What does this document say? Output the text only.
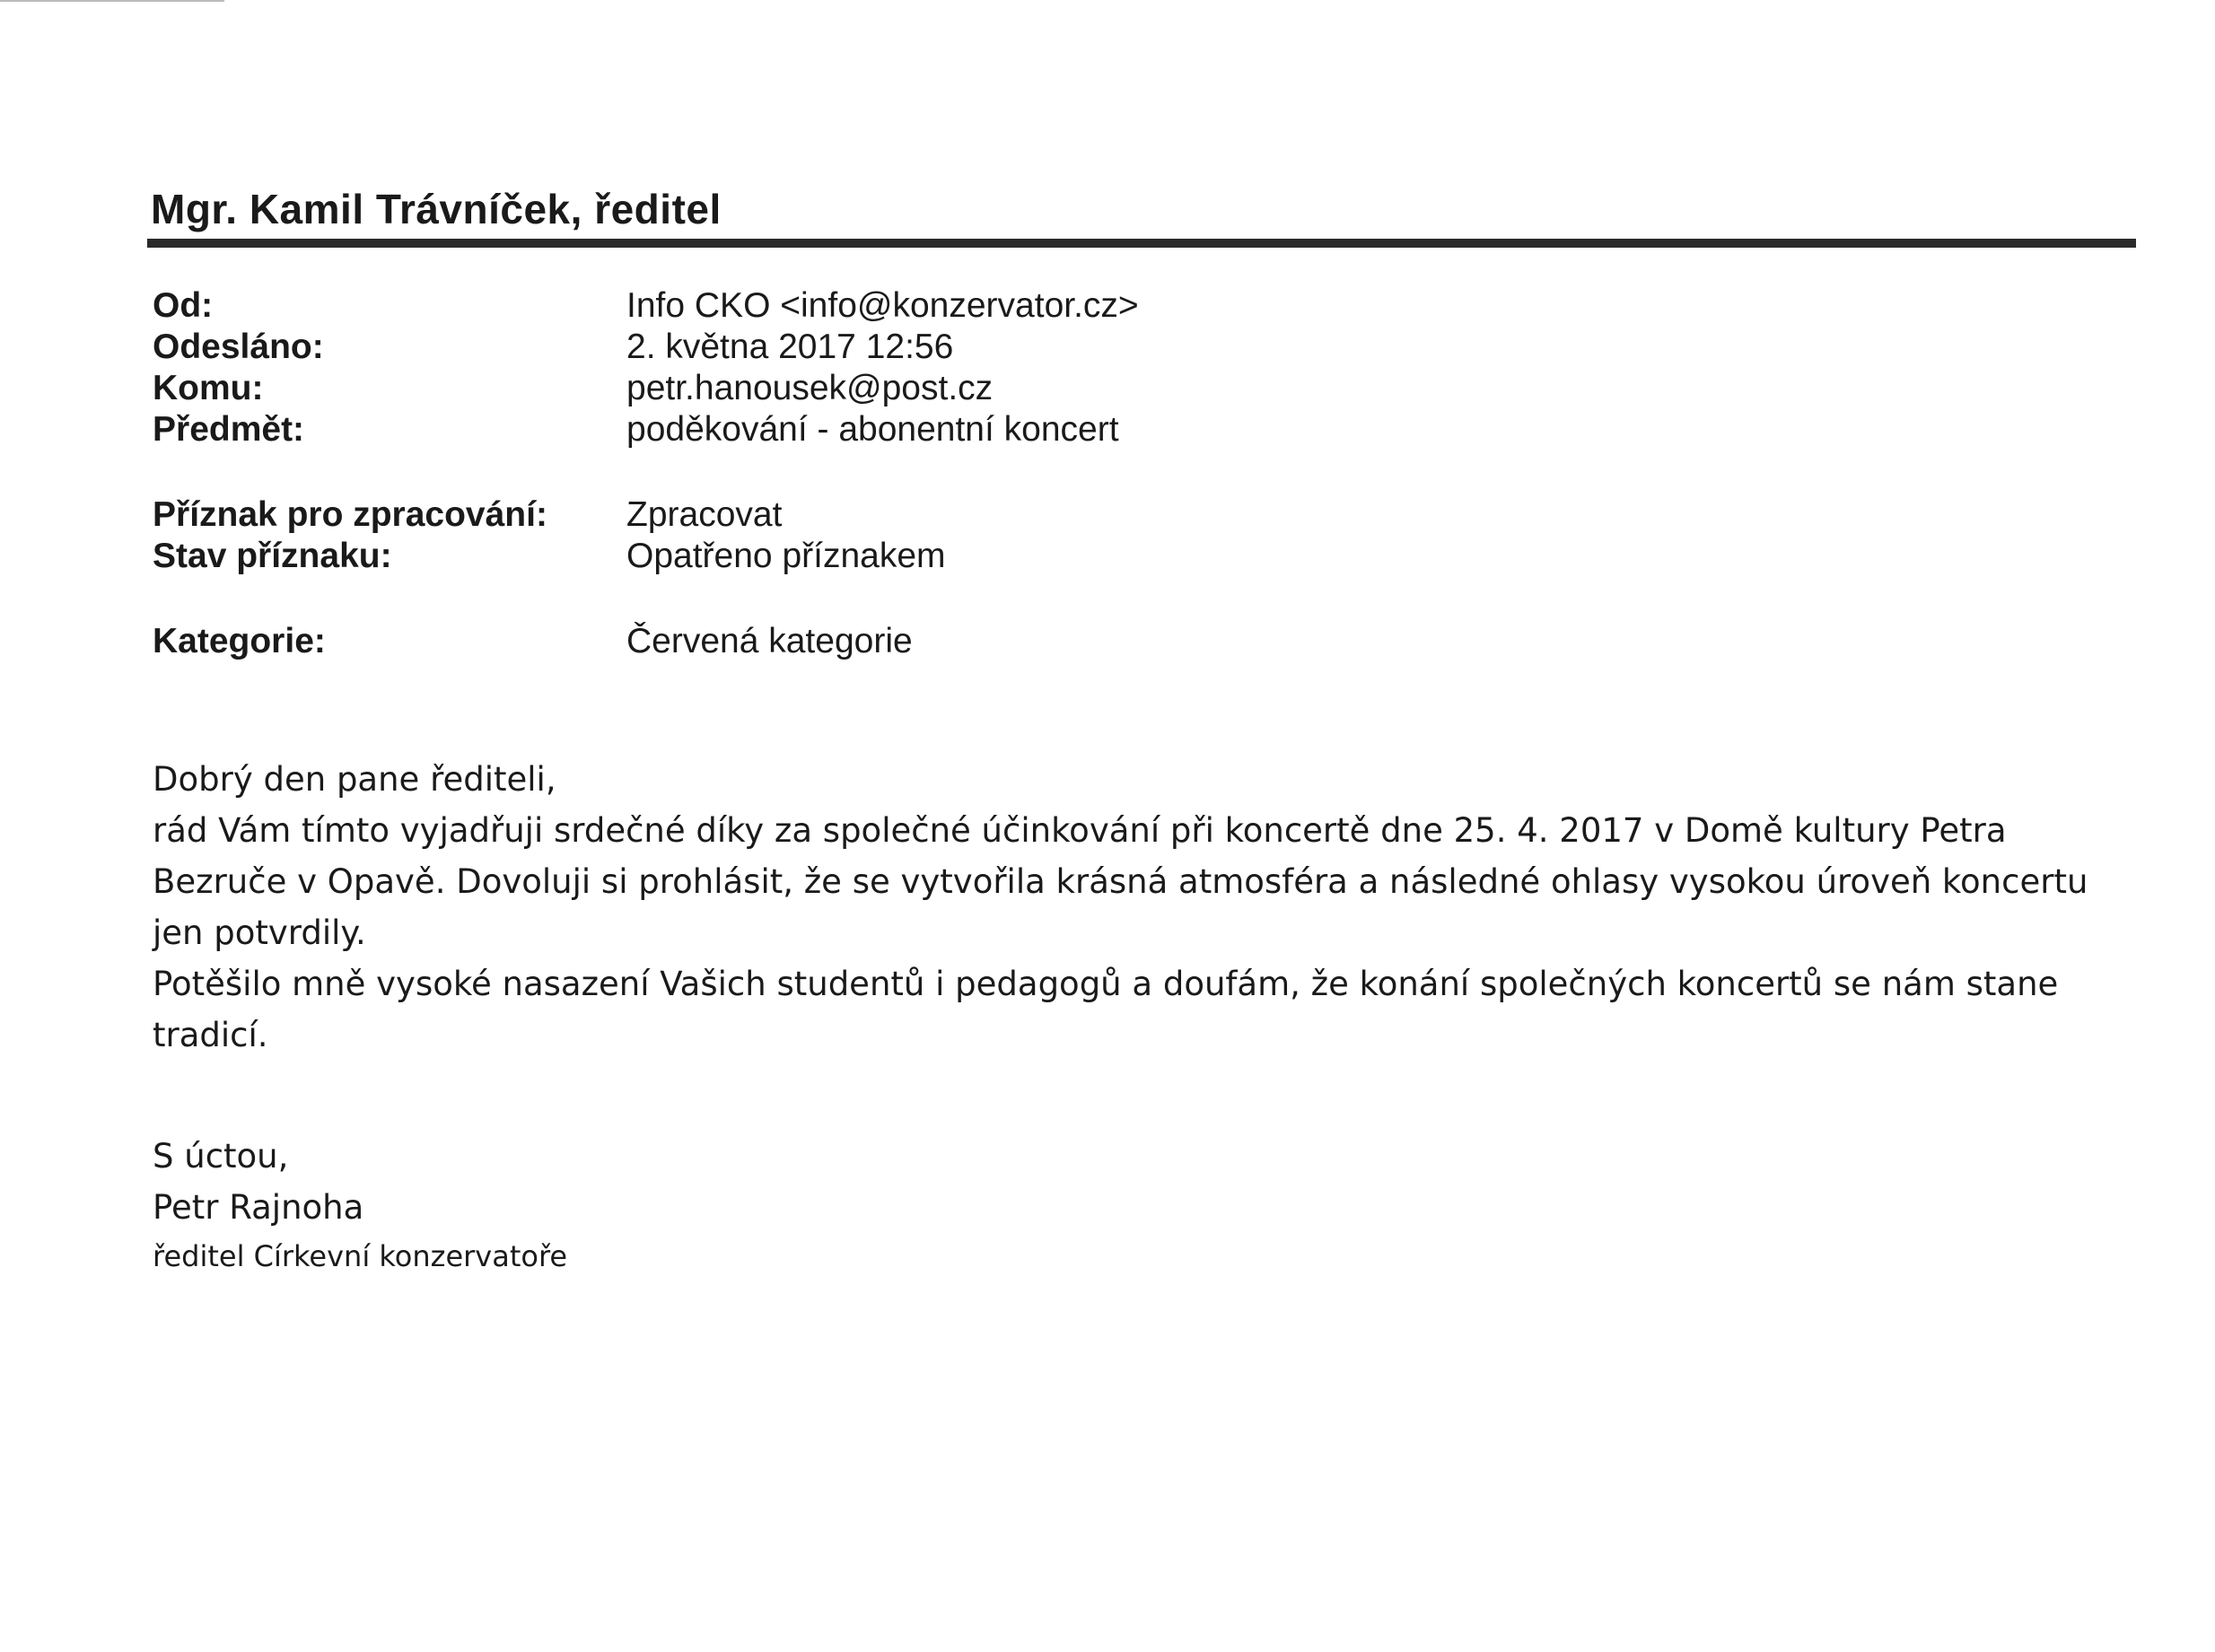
Mgr. Kamil Trávníček, ředitel
Od:	Info CKO <info@konzervator.cz>
Odesláno:	2. května 2017 12:56
Komu:	petr.hanousek@post.cz
Předmět:	poděkování - abonentní koncert
Příznak pro zpracování: Zpracovat
Stav příznaku:	Opatřeno příznakem
Kategorie:	Červená kategorie
Dobrý den pane řediteli,
rád Vám tímto vyjadřuji srdečné díky za společné účinkování při koncertě dne 25. 4. 2017 v Domě kultury Petra
Bezruče v Opavě. Dovoluji si prohlásit, že se vytvořila krásná atmosféra a následné ohlasy vysokou úroveň koncertu
jen potvrdily.
Potěšilo mně vysoké nasazení Vašich studentů i pedagogů a doufám, že konání společných koncertů se nám stane
tradicí.
S úctou,
Petr Rajnoha
ředitel Církevní konzervatoře
